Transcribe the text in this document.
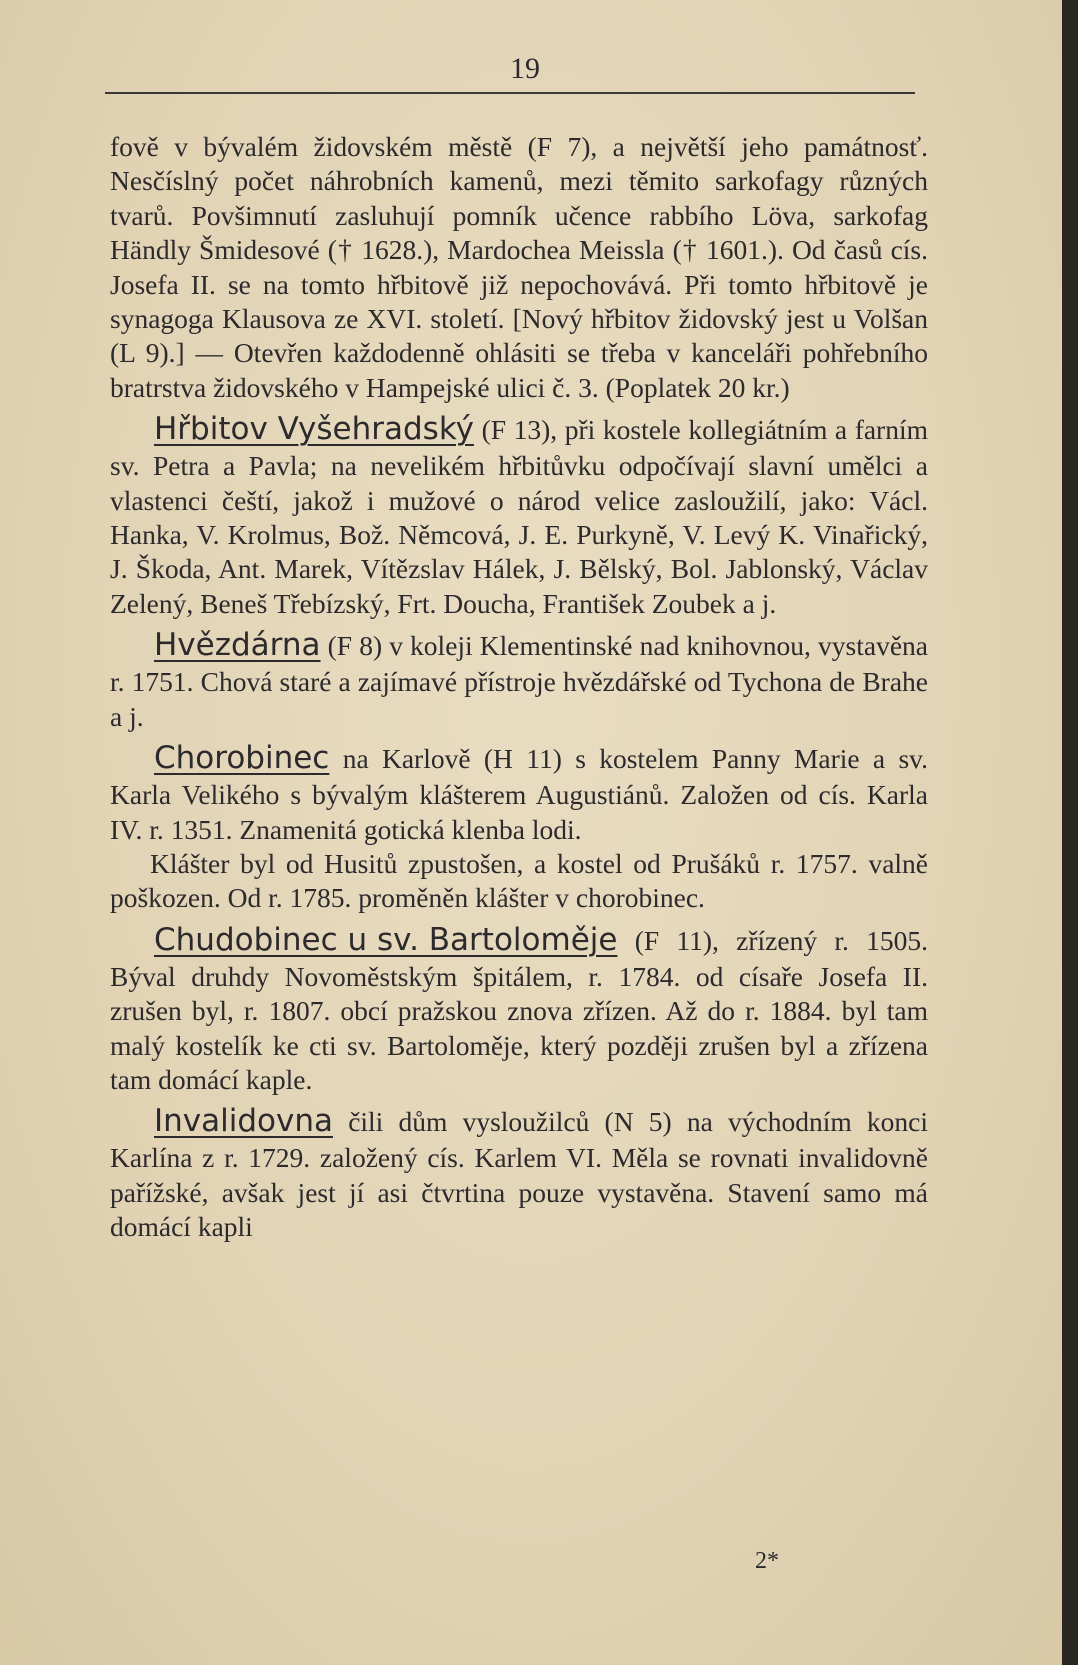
19

fově v bývalém židovském městě (F 7), a největší jeho památnosť. Nesčíslný počet náhrobních kamenů, mezi těmito sarkofagy různých tvarů. Povšimnutí zasluhují pomník učence rabbího Löva, sarkofag Händly Šmidesové († 1628.), Mardochea Meissla († 1601.). Od časů cís. Josefa II. se na tomto hřbitově již nepochovává. Při tomto hřbitově je synagoga Klausova ze XVI. století. [Nový hřbitov židovský jest u Volšan (L 9).] — Otevřen každodenně ohlásiti se třeba v kanceláři pohřebního bratrstva židovského v Hampejské ulici č. 3. (Poplatek 20 kr.)

Hřbitov Vyšehradský (F 13), při kostele kollegiátním a farním sv. Petra a Pavla; na nevelikém hřbitůvku odpočívají slavní umělci a vlastenci čeští, jakož i mužové o národ velice zasloužilí, jako: Václ. Hanka, V. Krolmus, Bož. Němcová, J. E. Purkyně, V. Levý K. Vinařický, J. Škoda, Ant. Marek, Vítězslav Hálek, J. Bělský, Bol. Jablonský, Václav Zelený, Beneš Třebízský, Frt. Doucha, František Zoubek a j.

Hvězdárna (F 8) v koleji Klementinské nad knihovnou, vystavěna r. 1751. Chová staré a zajímavé přístroje hvězdářské od Tychona de Brahe a j.

Chorobinec na Karlově (H 11) s kostelem Panny Marie a sv. Karla Velikého s bývalým klášterem Augustiánů. Založen od cís. Karla IV. r. 1351. Znamenitá gotická klenba lodi.

Klášter byl od Husitů zpustošen, a kostel od Prušáků r. 1757. valně poškozen. Od r. 1785. proměněn klášter v chorobinec.

Chudobinec u sv. Bartoloměje (F 11), zřízený r. 1505. Býval druhdy Novoměstským špitálem, r. 1784. od císaře Josefa II. zrušen byl, r. 1807. obcí pražskou znova zřízen. Až do r. 1884. byl tam malý kostelík ke cti sv. Bartoloměje, který později zrušen byl a zřízena tam domácí kaple.

Invalidovna čili dům vysloužilců (N 5) na východním konci Karlína z r. 1729. založený cís. Karlem VI. Měla se rovnati invalidovně pařížské, avšak jest jí asi čtvrtina pouze vystavěna. Stavení samo má domácí kapli

2*
